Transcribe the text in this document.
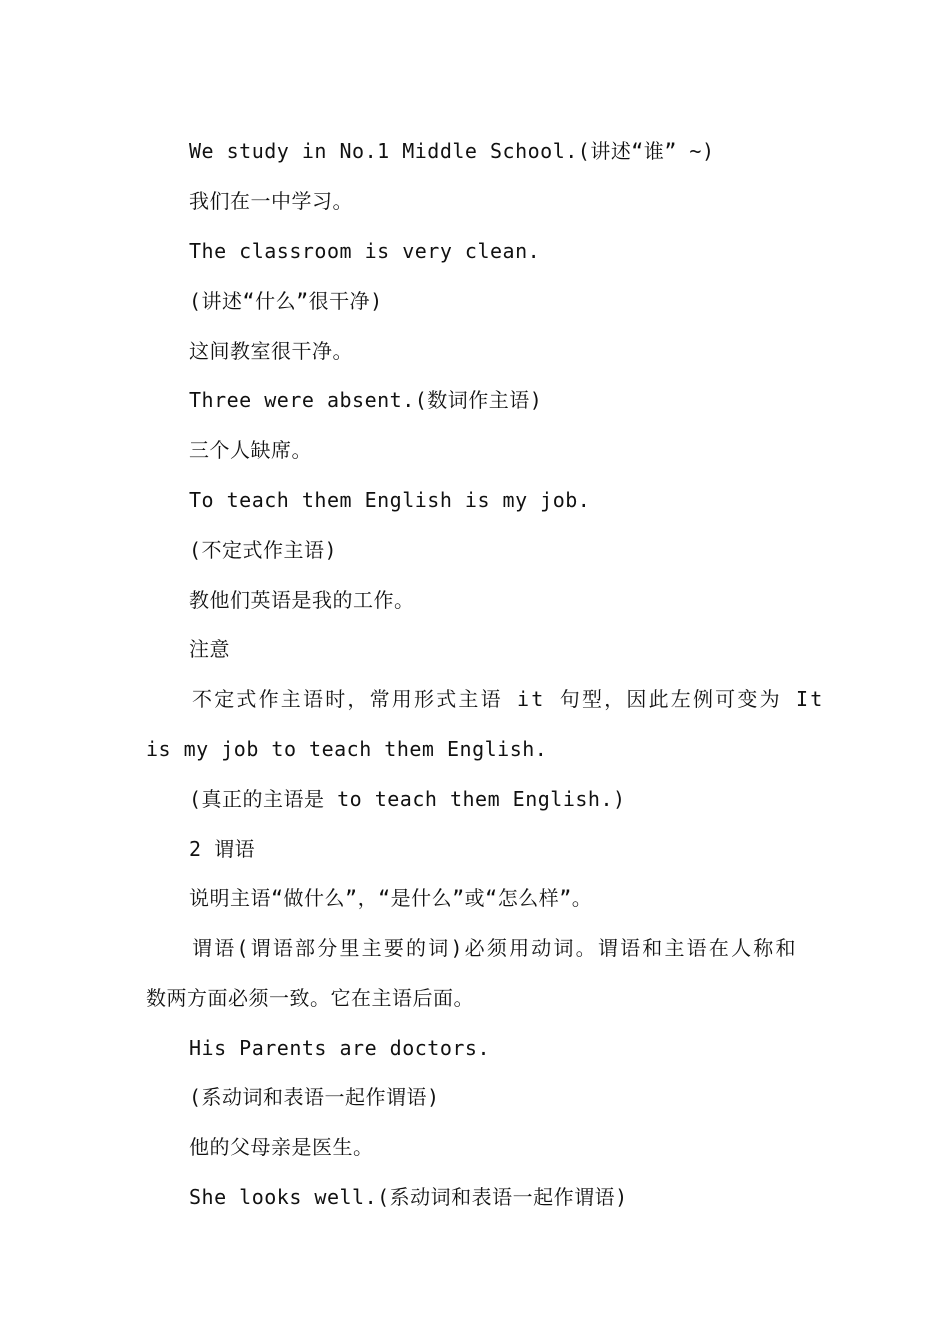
We study in No.1 Middle School.(讲述“谁” ~)
我们在一中学习。
The classroom is very clean.
(讲述“什么”很干净)
这间教室很干净。
Three were absent.(数词作主语)
三个人缺席。
To teach them English is my job.
(不定式作主语)
教他们英语是我的工作。
注意
不定式作主语时，常用形式主语 it 句型，因此左例可变为 It
is my job to teach them English.
(真正的主语是 to teach them English.)
2 谓语
说明主语“做什么”，“是什么”或“怎么样”。
谓语(谓语部分里主要的词)必须用动词。谓语和主语在人称和
数两方面必须一致。它在主语后面。
His Parents are doctors.
(系动词和表语一起作谓语)
他的父母亲是医生。
She looks well.(系动词和表语一起作谓语)
